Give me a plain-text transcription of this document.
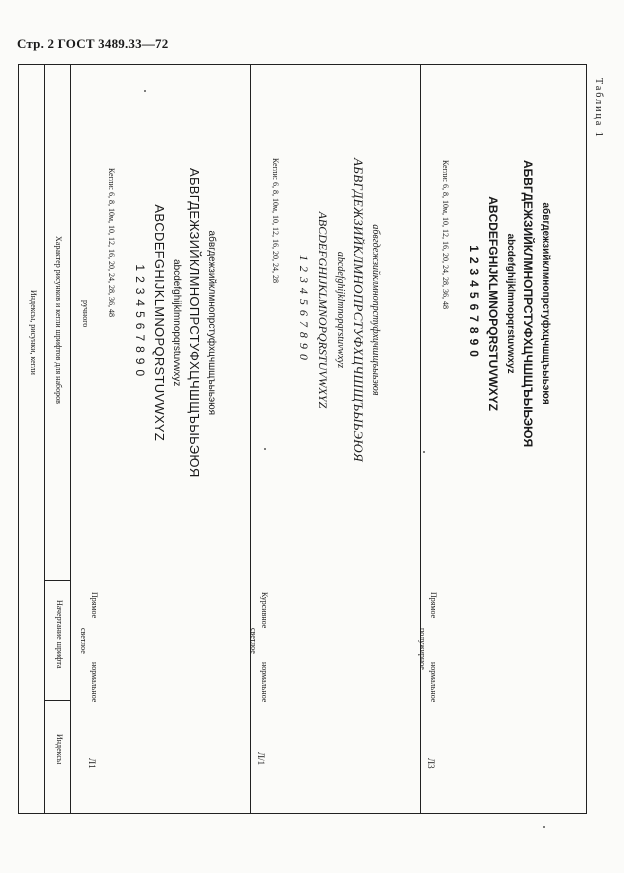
Стр. 2 ГОСТ 3489.33—72
Таблица 1
Индексы, рисунки, кегли Характер рисунков и кегли шрифтов для наборов ручного
Начертание шрифта
Индексы	Л1
Прямое
светлое
нормальное
абвгдежзийклмнопрстуфхцчшщъыьэюя
АБВГДЕЖЗИЙКЛМНОПРСТУФХЦЧШЩЪЫЬЭЮЯ
abcdefghijklmnopqrstuvwxyz
ABCDEFGHIJKLMNOPQRSTUVWXYZ
1234567890
Кегли: 6, 8, 10м, 10, 12, 16, 20, 24, 28, 36, 48
Л/1
Курсивное
светлое
нормальное
абвгдежзийклмнопрстуфхцчшщъыьэюя
АБВГДЕЖЗИЙКЛМНОПРСТУФХЦЧШЩЪЫЬЭЮЯ
abcdefghijklmnopqrstuvwxyz
ABCDEFGHIJKLMNOPQRSTUVWXYZ
1234567890
Кегли: 6, 8, 10м, 10, 12, 16, 20, 24, 28
Л3
Прямое
полужирное
нормальное
абвгдежзийклмнопрстуфхцчшщъыьэюя
АБВГДЕЖЗИЙКЛМНОПРСТУФХЦЧШЩЪЫЬЭЮЯ
abcdefghijklmnopqrstuvwxyz
ABCDEFGHIJKLMNOPQRSTUVWXYZ
1234567890
Кегли: 6, 8, 10м, 10, 12, 16, 20, 24, 28, 36, 48
